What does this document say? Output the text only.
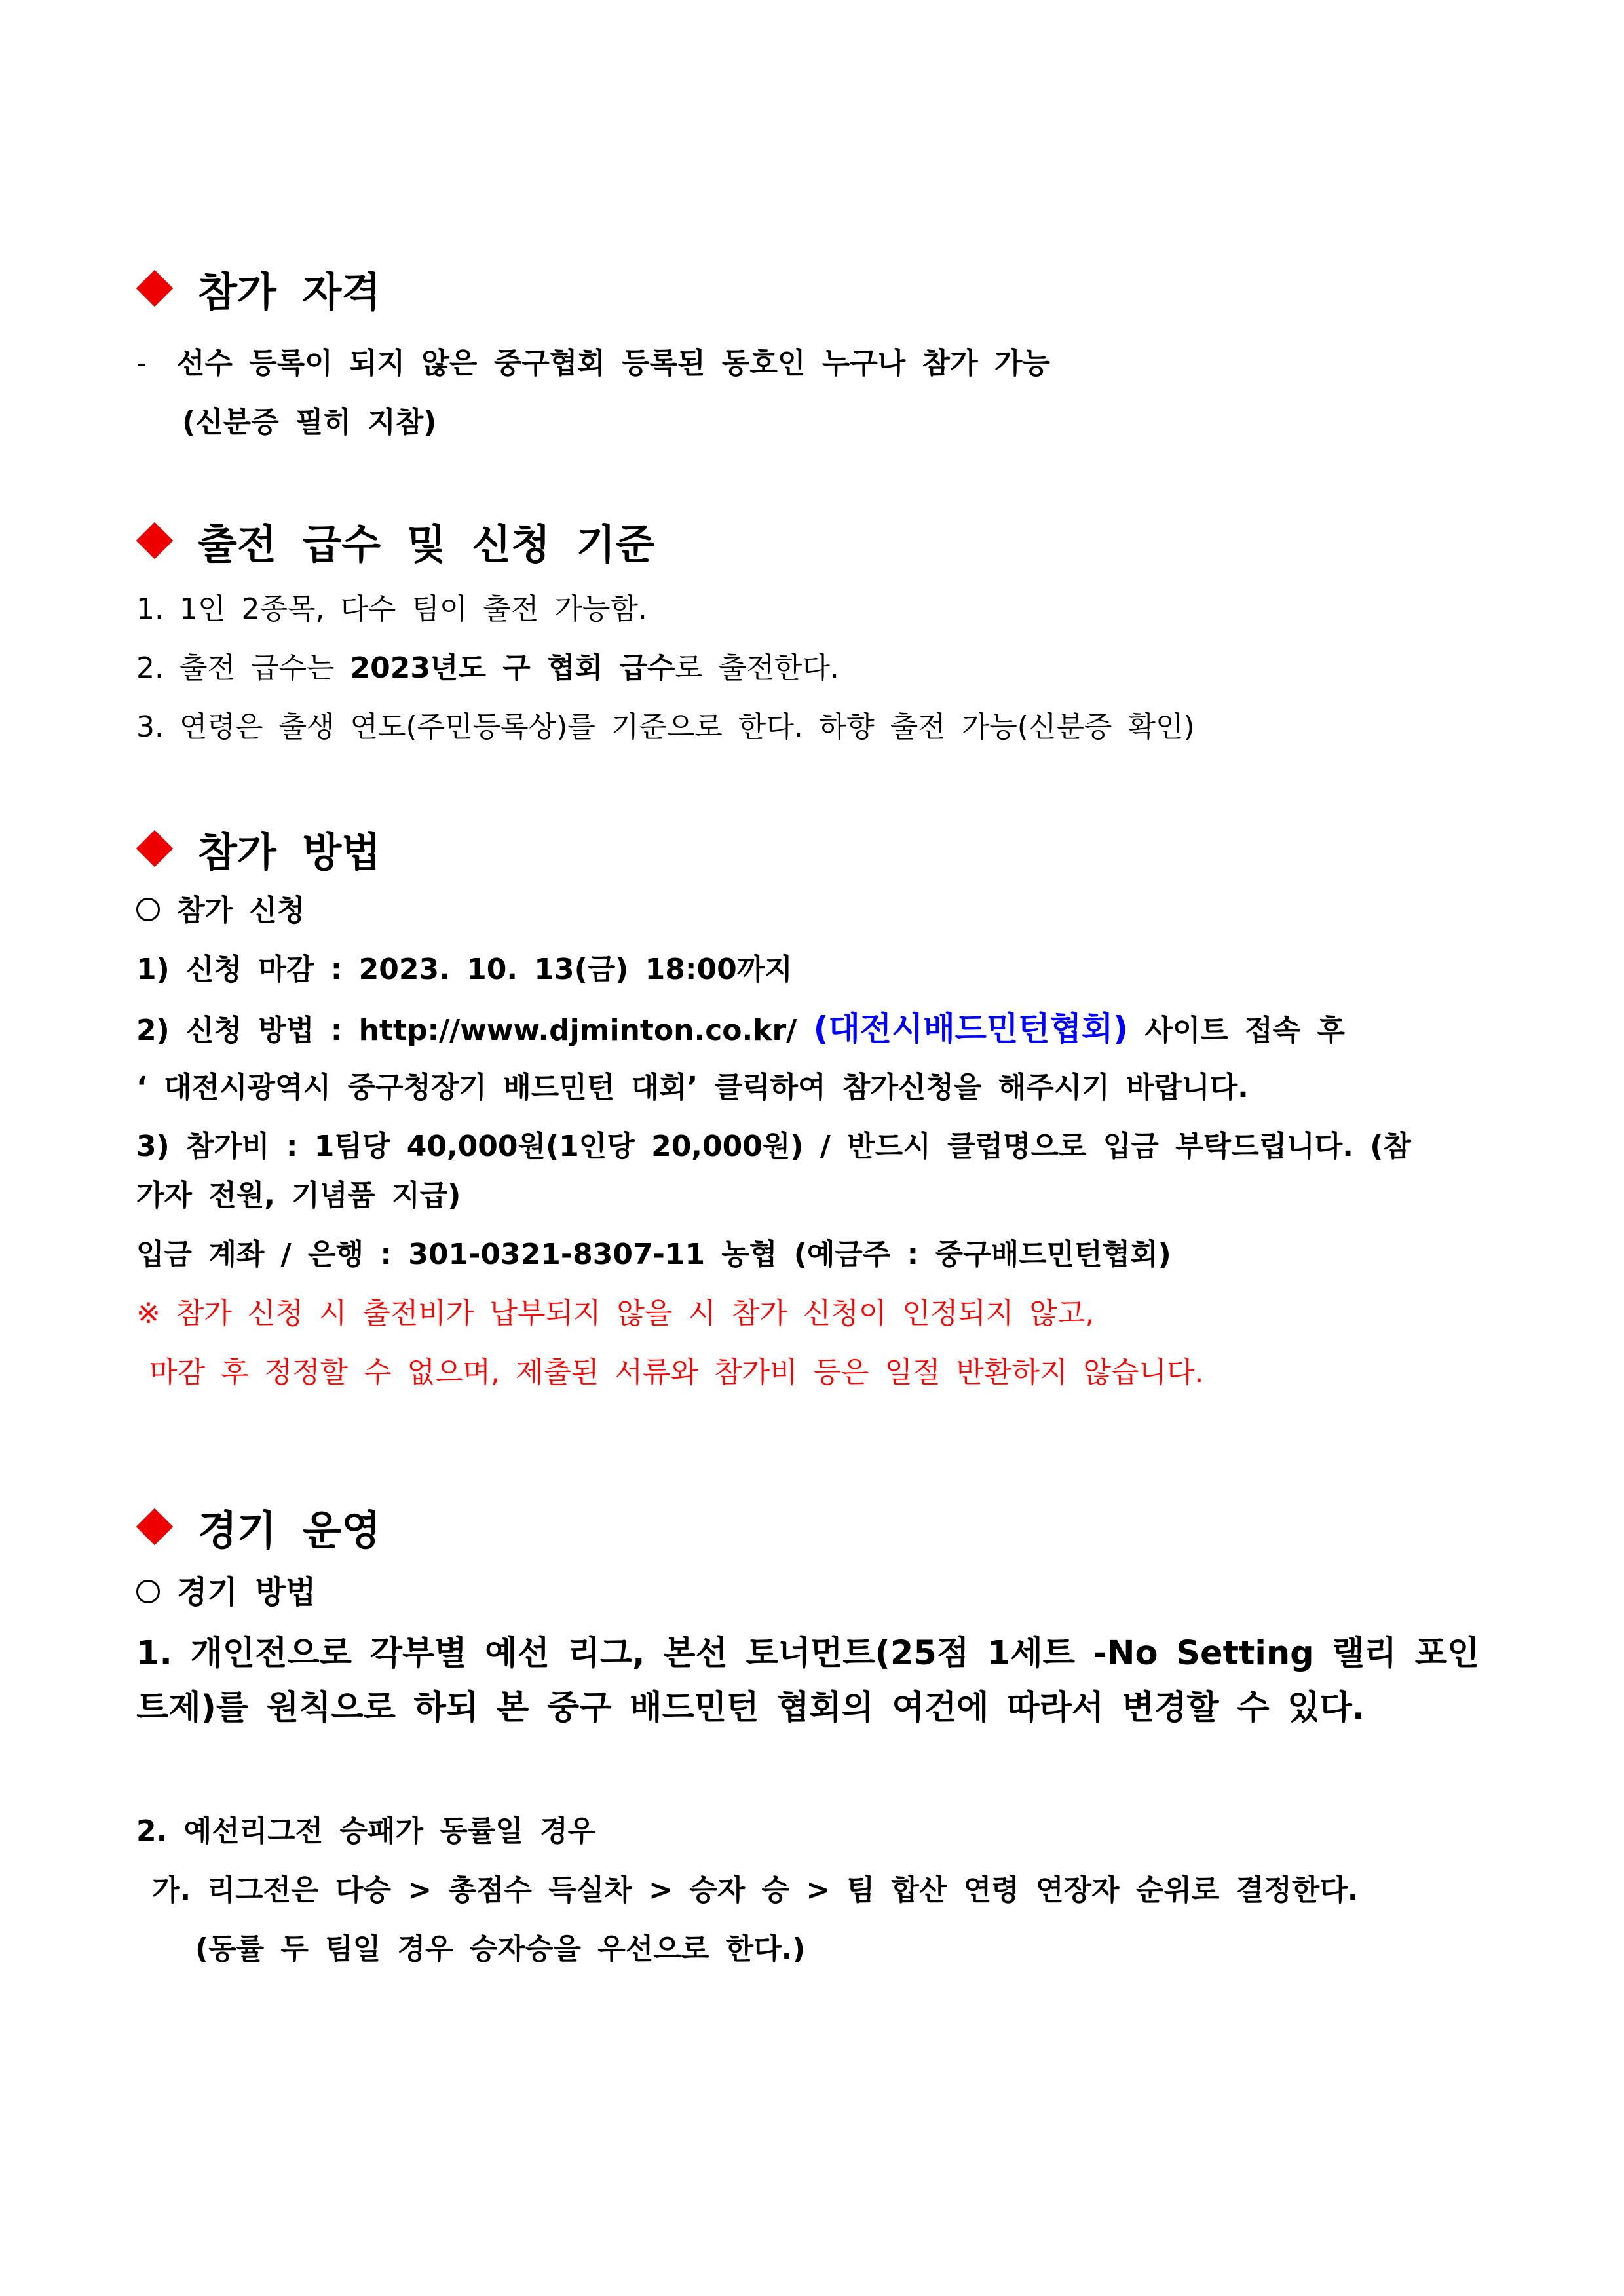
참가 자격
- 선수 등록이 되지 않은 중구협회 등록된 동호인 누구나 참가 가능
(신분증 필히 지참)
출전 급수 및 신청 기준
1. 1인 2종목, 다수 팀이 출전 가능함.
2. 출전 급수는 2023년도 구 협회 급수로 출전한다.
3. 연령은 출생 연도(주민등록상)를 기준으로 한다. 하향 출전 가능(신분증 확인)
참가 방법
참가 신청
1) 신청 마감 : 2023. 10. 13(금) 18:00까지
2) 신청 방법 : http://www.djminton.co.kr/ (대전시배드민턴협회) 사이트 접속 후
‘ 대전시광역시 중구청장기 배드민턴 대회’ 클릭하여 참가신청을 해주시기 바랍니다.
3) 참가비 : 1팀당 40,000원(1인당 20,000원) / 반드시 클럽명으로 입금 부탁드립니다. (참
가자 전원, 기념품 지급)
입금 계좌 / 은행 : 301-0321-8307-11 농협 (예금주 : 중구배드민턴협회)
※ 참가 신청 시 출전비가 납부되지 않을 시 참가 신청이 인정되지 않고,
마감 후 정정할 수 없으며, 제출된 서류와 참가비 등은 일절 반환하지 않습니다.
경기 운영
경기 방법
1. 개인전으로 각부별 예선 리그, 본선 토너먼트(25점 1세트 -No Setting 랠리 포인
트제)를 원칙으로 하되 본 중구 배드민턴 협회의 여건에 따라서 변경할 수 있다.
2. 예선리그전 승패가 동률일 경우
가. 리그전은 다승 > 총점수 득실차 > 승자 승 > 팀 합산 연령 연장자 순위로 결정한다.
(동률 두 팀일 경우 승자승을 우선으로 한다.)
